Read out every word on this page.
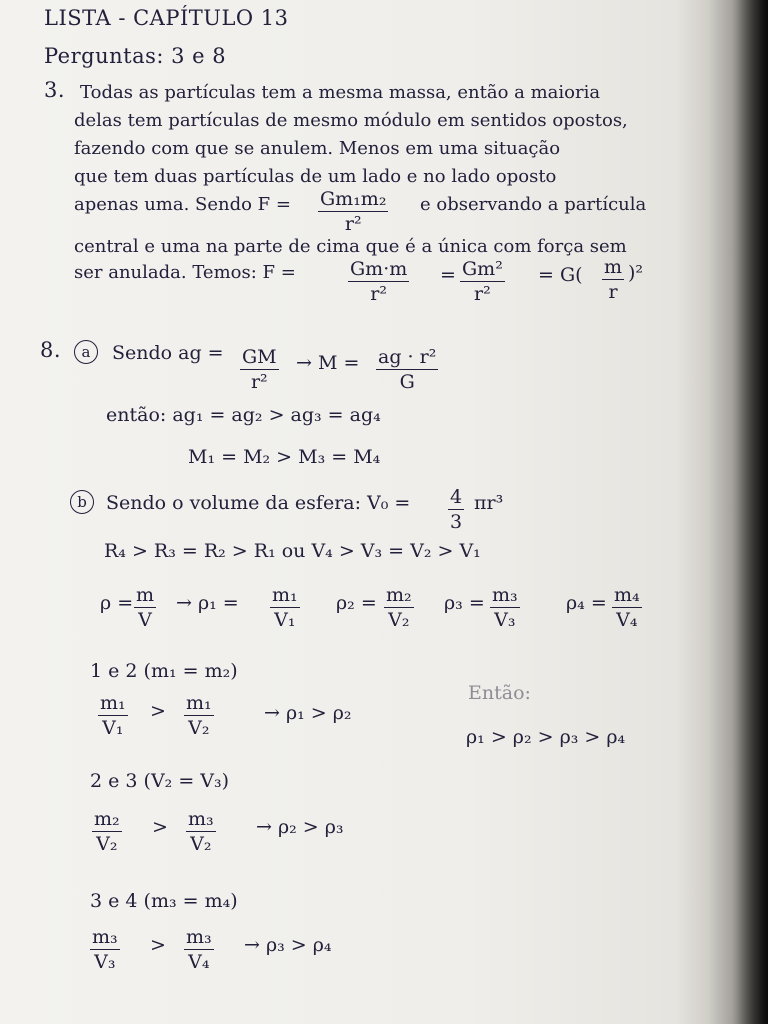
LISTA - CAPÍTULO 13
Perguntas: 3 e 8
3. Todas as partículas tem a mesma massa, então a maioria
delas tem partículas de mesmo módulo em sentidos opostos,
fazendo com que se anulem. Menos em uma situação
que tem duas partículas de um lado e no lado oposto
apenas uma. Sendo $F = \frac{\text{Gm₁m₂}}{\text{r²}}$ e observando a partícula
central e uma na parte de cima que é a única com força sem
ser anulada. Temos: F =	$\frac{Gm\cdot m}{\text{r²}} = \frac{\text{Gm²}}{\text{r²}} = G( \frac{m}{r} )^2$
8.	a	Sendo ag = $\frac{GM}{\text{r²}} \to M = \frac{\text{ag · r²}}{G}$
então: ag₁ = ag₂ > ag₃ = ag₄
M₁ = M₂ > M₃ = M₄
b	Sendo o volume da esfera: $V_0 = \frac{4}{3} \pi r^3$
R₄ > R₃ = R₂ > R₁ ou V₄ > V₃ = V₂ > V₁
$\rho = \frac{m}{V} \to \rho_1 = \frac{\text{m₁}}{\text{V₁}} \rho_2 = \frac{\text{m₂}}{\text{V₂}} \rho_3 = \frac{\text{m₃}}{\text{V₃}} \rho_4 = \frac{\text{m₄}}{\text{V₄}}$
1 e 2 (m₁ = m₂)
$\frac{\text{m₁}}{\text{V₁}} > \frac{\text{m₁}}{\text{V₂}}$	→ ρ₁ > ρ₂
Então:
ρ₁ > ρ₂ > ρ₃ > ρ₄
2 e 3 (V₂ = V₃)
$\frac{\text{m₂}}{\text{V₂}} > \frac{\text{m₃}}{\text{V₂}} \to \rho_2 > \rho_3$
3 e 4 (m₃ = m₄)
$\frac{\text{m₃}}{\text{V₃}} > \frac{\text{m₃}}{\text{V₄}} \to \rho_3 > \rho_4$
